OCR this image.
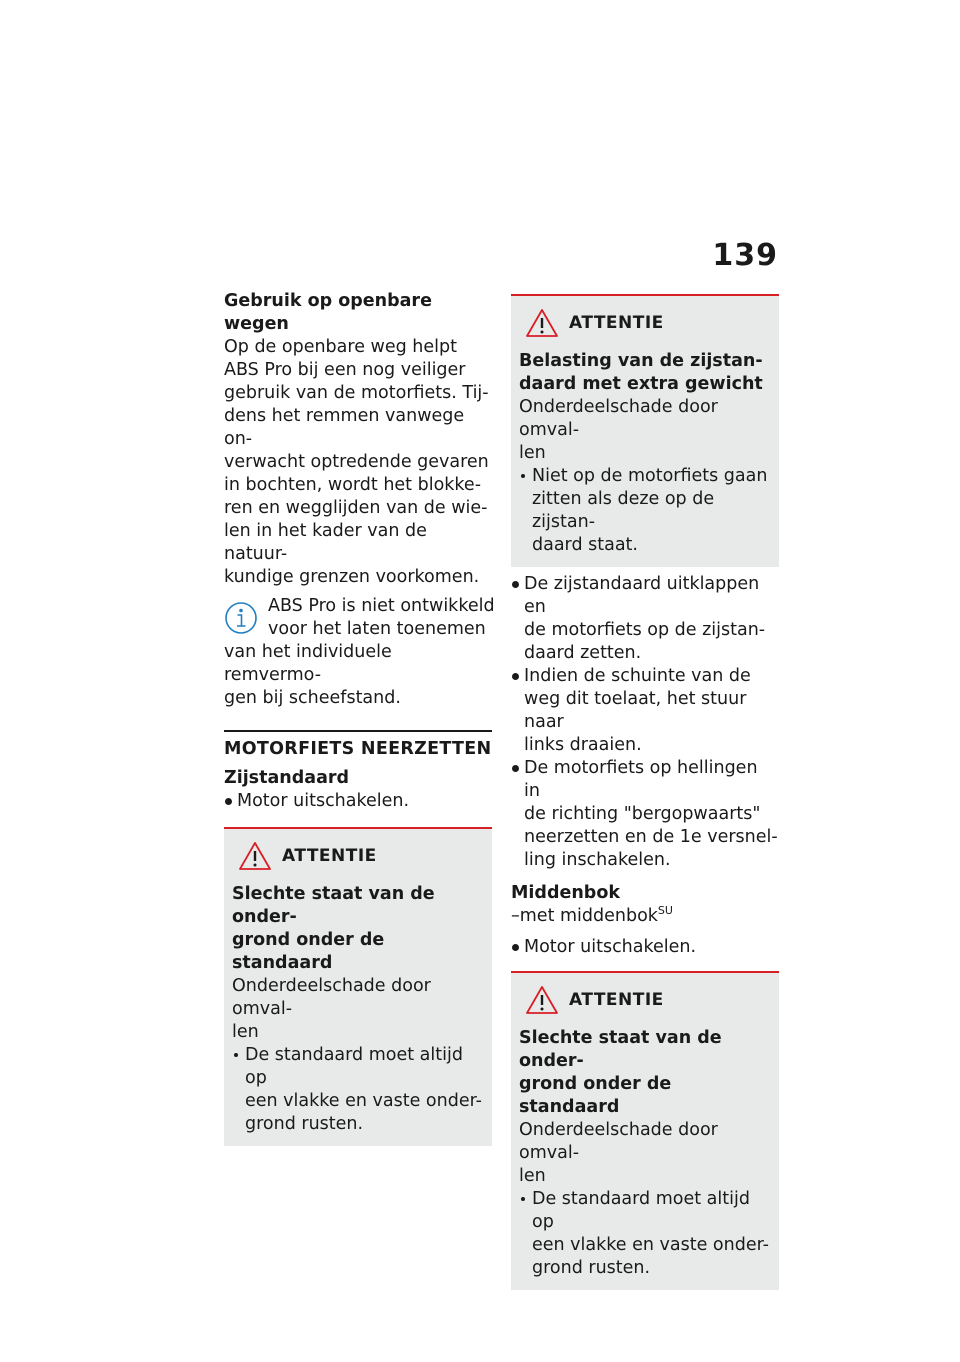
139
Gebruik op openbare wegen
Op de openbare weg helpt
ABS Pro bij een nog veiliger
gebruik van de motorfiets. Tij-
dens het remmen vanwege on-
verwacht optredende gevaren
in bochten, wordt het blokke-
ren en wegglijden van de wie-
len in het kader van de natuur-
kundige grenzen voorkomen.
ABS Pro is niet ontwikkeld
voor het laten toenemen
van het individuele remvermo-
gen bij scheefstand.
MOTORFIETS NEERZETTEN
Zijstandaard
Motor uitschakelen.
ATTENTIE
Slechte staat van de onder-
grond onder de standaard
Onderdeelschade door omval-
len
De standaard moet altijd op
een vlakke en vaste onder-
grond rusten.
ATTENTIE
Belasting van de zijstan-
daard met extra gewicht
Onderdeelschade door omval-
len
Niet op de motorfiets gaan
zitten als deze op de zijstan-
daard staat.
De zijstandaard uitklappen en
de motorfiets op de zijstan-
daard zetten.
Indien de schuinte van de
weg dit toelaat, het stuur naar
links draaien.
De motorfiets op hellingen in
de richting "bergopwaarts"
neerzetten en de 1e versnel-
ling inschakelen.
Middenbok
–met middenbok$^{SU}$
Motor uitschakelen.
ATTENTIE
Slechte staat van de onder-
grond onder de standaard
Onderdeelschade door omval-
len
De standaard moet altijd op
een vlakke en vaste onder-
grond rusten.
